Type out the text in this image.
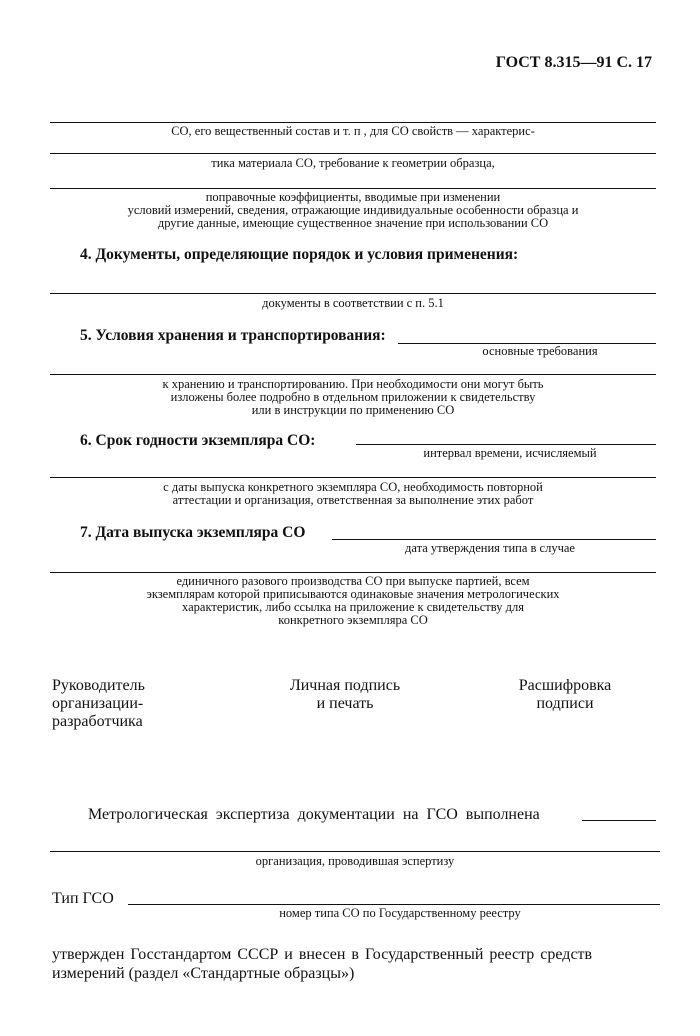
ГОСТ 8.315—91 С. 17
СО, его вещественный состав и т. п , для СО свойств — характерис-
тика материала СО, требование к геометрии образца,
поправочные коэффициенты, вводимые при изменении
условий измерений, сведения, отражающие индивидуальные особенности образца и
другие данные, имеющие существенное значение при использовании СО
4. Документы, определяющие порядок и условия применения:
документы в соответствии с п. 5.1
5. Условия хранения и транспортирования:
основные требования
к хранению и транспортированию. При необходимости они могут быть
изложены более подробно в отдельном приложении к свидетельству
или в инструкции по применению СО
6. Срок годности экземпляра СО:
интервал времени, исчисляемый
с даты выпуска конкретного экземпляра СО, необходимость повторной
аттестации и организация, ответственная за выполнение этих работ
7. Дата выпуска экземпляра СО
дата утверждения типа в случае
единичного разового производства СО при выпуске партией, всем
экземплярам которой приписываются одинаковые значения метрологических
характеристик, либо ссылка на приложение к свидетельству для
конкретного экземпляра СО
Руководитель
организации-
разработчика
Личная подпись
и печать
Расшифровка
подписи
Метрологическая экспертиза документации на ГСО выполнена
организация, проводившая эспертизу
Тип ГСО
номер типа СО по Государственному реестру
утвержден Госстандартом СССР и внесен в Государственный реестр средств
измерений (раздел «Стандартные образцы»)
